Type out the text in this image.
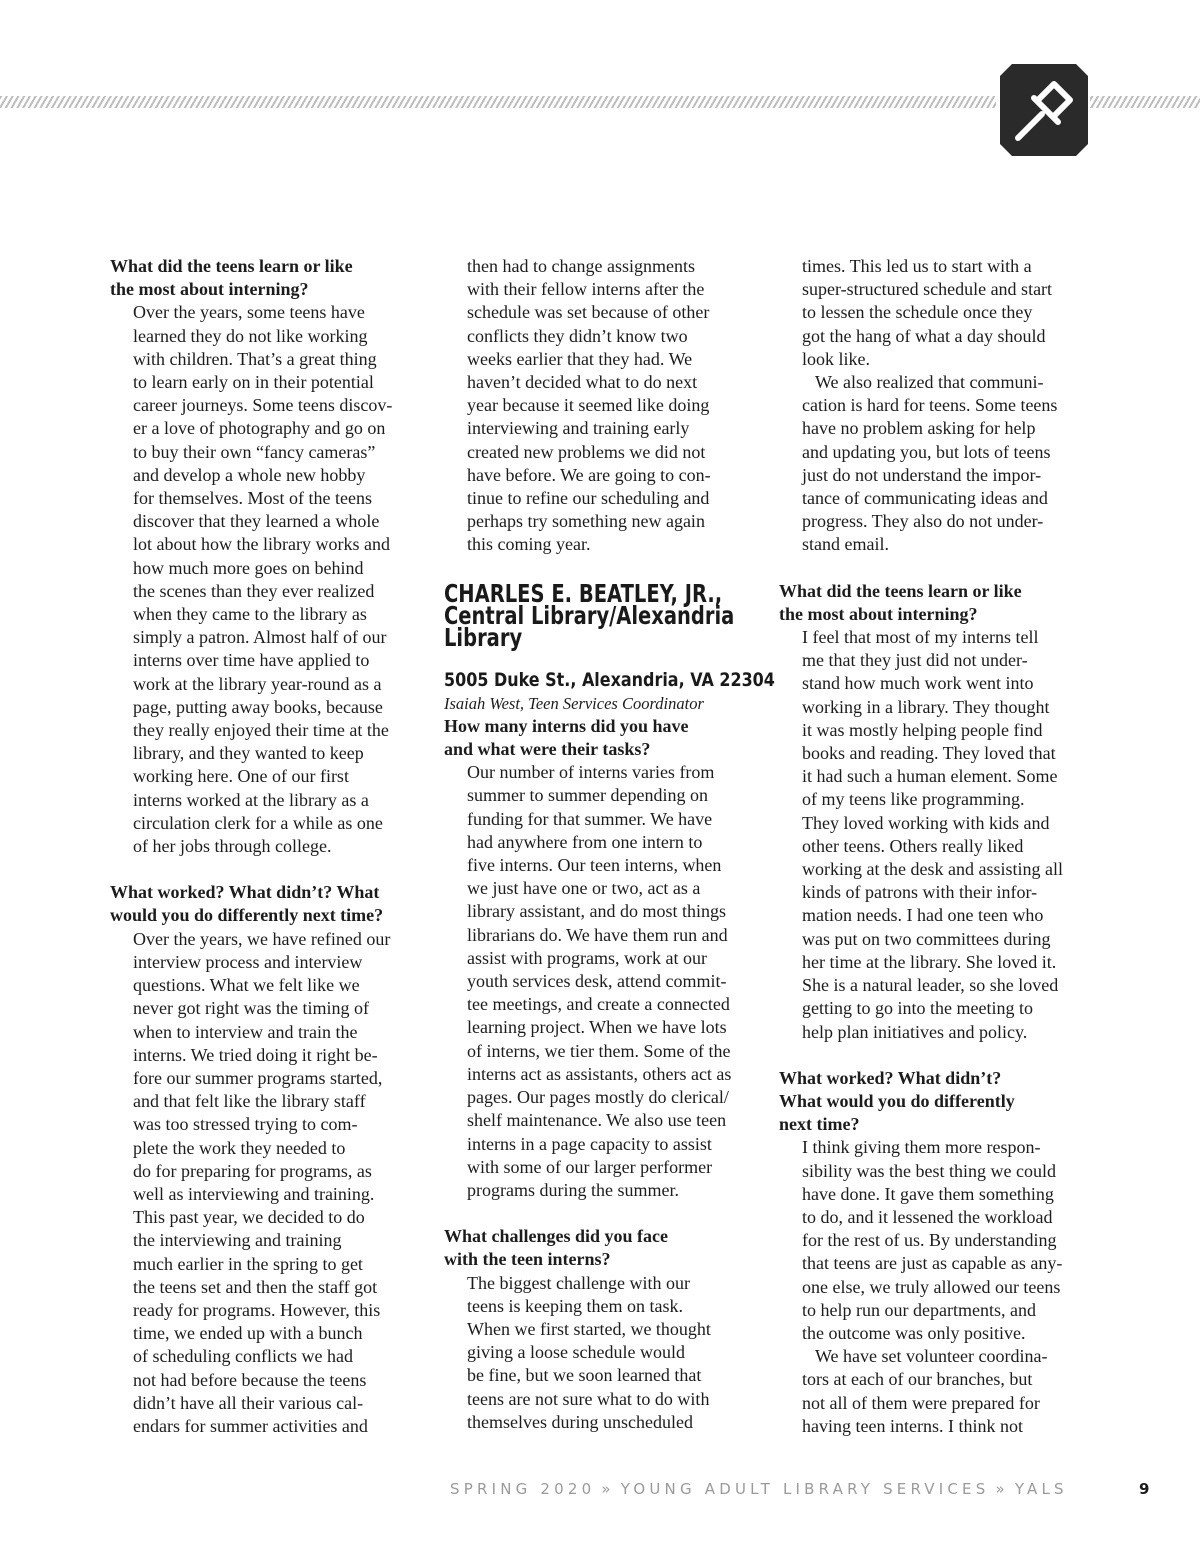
What did the teens learn or like

the most about interning?

Over the years, some teens have

learned they do not like working

with children. That’s a great thing

to learn early on in their potential

career journeys. Some teens discov-

er a love of photography and go on

to buy their own “fancy cameras”

and develop a whole new hobby

for themselves. Most of the teens

discover that they learned a whole

lot about how the library works and

how much more goes on behind

the scenes than they ever realized

when they came to the library as

simply a patron. Almost half of our

interns over time have applied to

work at the library year-round as a

page, putting away books, because

they really enjoyed their time at the

library, and they wanted to keep

working here. One of our first

interns worked at the library as a

circulation clerk for a while as one

of her jobs through college.

What worked? What didn’t? What

would you do differently next time?

Over the years, we have refined our

interview process and interview

questions. What we felt like we

never got right was the timing of

when to interview and train the

interns. We tried doing it right be-

fore our summer programs started,

and that felt like the library staff

was too stressed trying to com-

plete the work they needed to

do for preparing for programs, as

well as interviewing and training.

This past year, we decided to do

the interviewing and training

much earlier in the spring to get

the teens set and then the staff got

ready for programs. However, this

time, we ended up with a bunch

of scheduling conflicts we had

not had before because the teens

didn’t have all their various cal-

endars for summer activities and

then had to change assignments

with their fellow interns after the

schedule was set because of other

conflicts they didn’t know two

weeks earlier that they had. We

haven’t decided what to do next

year because it seemed like doing

interviewing and training early

created new problems we did not

have before. We are going to con-

tinue to refine our scheduling and

perhaps try something new again

this coming year.

CHARLES E. BEATLEY, JR.,

Central Library/Alexandria

Library

5005 Duke St., Alexandria, VA 22304

Isaiah West, Teen Services Coordinator

How many interns did you have

and what were their tasks?

Our number of interns varies from

summer to summer depending on

funding for that summer. We have

had anywhere from one intern to

five interns. Our teen interns, when

we just have one or two, act as a

library assistant, and do most things

librarians do. We have them run and

assist with programs, work at our

youth services desk, attend commit-

tee meetings, and create a connected

learning project. When we have lots

of interns, we tier them. Some of the

interns act as assistants, others act as

pages. Our pages mostly do clerical/

shelf maintenance. We also use teen

interns in a page capacity to assist

with some of our larger performer

programs during the summer.

What challenges did you face

with the teen interns?

The biggest challenge with our

teens is keeping them on task.

When we first started, we thought

giving a loose schedule would

be fine, but we soon learned that

teens are not sure what to do with

themselves during unscheduled

times. This led us to start with a

super-structured schedule and start

to lessen the schedule once they

got the hang of what a day should

look like.

We also realized that communi-

cation is hard for teens. Some teens

have no problem asking for help

and updating you, but lots of teens

just do not understand the impor-

tance of communicating ideas and

progress. They also do not under-

stand email.

What did the teens learn or like

the most about interning?

I feel that most of my interns tell

me that they just did not under-

stand how much work went into

working in a library. They thought

it was mostly helping people find

books and reading. They loved that

it had such a human element. Some

of my teens like programming.

They loved working with kids and

other teens. Others really liked

working at the desk and assisting all

kinds of patrons with their infor-

mation needs. I had one teen who

was put on two committees during

her time at the library. She loved it.

She is a natural leader, so she loved

getting to go into the meeting to

help plan initiatives and policy.

What worked? What didn’t?

What would you do differently

next time?

I think giving them more respon-

sibility was the best thing we could

have done. It gave them something

to do, and it lessened the workload

for the rest of us. By understanding

that teens are just as capable as any-

one else, we truly allowed our teens

to help run our departments, and

the outcome was only positive.

We have set volunteer coordina-

tors at each of our branches, but

not all of them were prepared for

having teen interns. I think not

SPRING 2020 » YOUNG ADULT LIBRARY SERVICES » YALS	9
